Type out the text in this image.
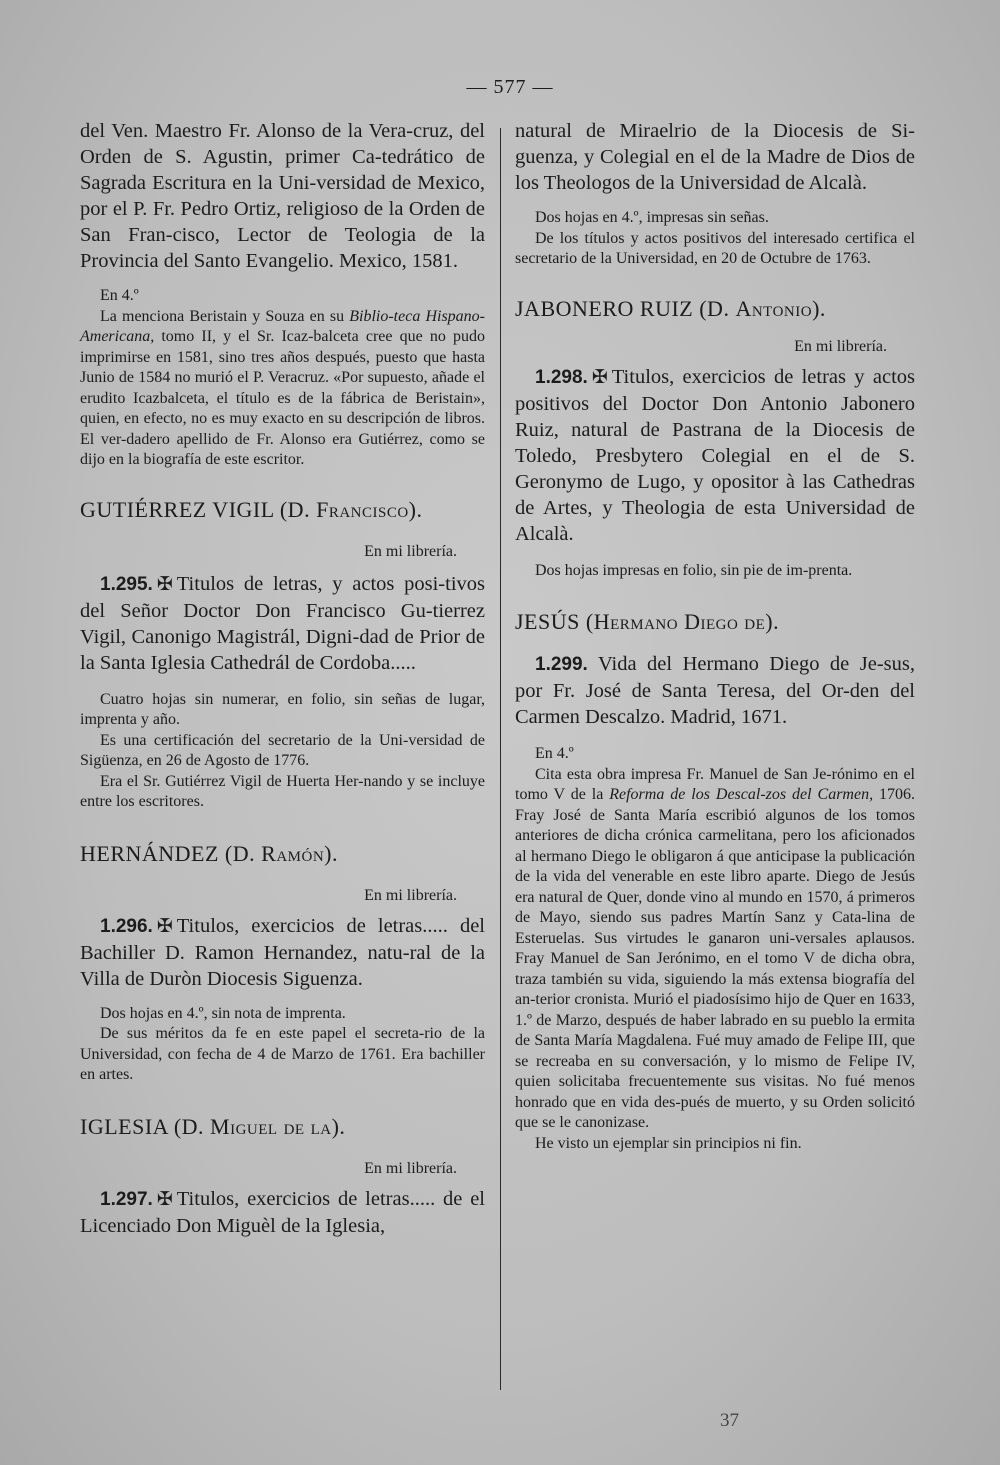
— 577 —

del Ven. Maestro Fr. Alonso de la Vera-cruz, del Orden de S. Agustin, primer Ca-tedrático de Sagrada Escritura en la Uni-versidad de Mexico, por el P. Fr. Pedro Ortiz, religioso de la Orden de San Fran-cisco, Lector de Teologia de la Provincia del Santo Evangelio. Mexico, 1581.

En 4.º

La menciona Beristain y Souza en su Biblio-teca Hispano-Americana, tomo II, y el Sr. Icaz-balceta cree que no pudo imprimirse en 1581, sino tres años después, puesto que hasta Junio de 1584 no murió el P. Veracruz. «Por supuesto, añade el erudito Icazbalceta, el título es de la fábrica de Beristain», quien, en efecto, no es muy exacto en su descripción de libros. El ver-dadero apellido de Fr. Alonso era Gutiérrez, como se dijo en la biografía de este escritor.

GUTIÉRREZ VIGIL (D. Francisco).

En mi librería.

1.295. ✠ Titulos de letras, y actos posi-tivos del Señor Doctor Don Francisco Gu-tierrez Vigil, Canonigo Magistrál, Digni-dad de Prior de la Santa Iglesia Cathedrál de Cordoba.....

Cuatro hojas sin numerar, en folio, sin señas de lugar, imprenta y año.

Es una certificación del secretario de la Uni-versidad de Sigüenza, en 26 de Agosto de 1776.

Era el Sr. Gutiérrez Vigil de Huerta Her-nando y se incluye entre los escritores.

HERNÁNDEZ (D. Ramón).

En mi librería.

1.296. ✠ Titulos, exercicios de letras..... del Bachiller D. Ramon Hernandez, natu-ral de la Villa de Duròn Diocesis Siguenza.

Dos hojas en 4.º, sin nota de imprenta.

De sus méritos da fe en este papel el secreta-rio de la Universidad, con fecha de 4 de Marzo de 1761. Era bachiller en artes.

IGLESIA (D. Miguel de la).

En mi librería.

1.297. ✠ Titulos, exercicios de letras..... de el Licenciado Don Miguèl de la Iglesia,

natural de Miraelrio de la Diocesis de Si-guenza, y Colegial en el de la Madre de Dios de los Theologos de la Universidad de Alcalà.

Dos hojas en 4.º, impresas sin señas.

De los títulos y actos positivos del interesado certifica el secretario de la Universidad, en 20 de Octubre de 1763.

JABONERO RUIZ (D. Antonio).

En mi librería.

1.298. ✠ Titulos, exercicios de letras y actos positivos del Doctor Don Antonio Jabonero Ruiz, natural de Pastrana de la Diocesis de Toledo, Presbytero Colegial en el de S. Geronymo de Lugo, y opositor à las Cathedras de Artes, y Theologia de esta Universidad de Alcalà.

Dos hojas impresas en folio, sin pie de im-prenta.

JESÚS (Hermano Diego de).

1.299. Vida del Hermano Diego de Je-sus, por Fr. José de Santa Teresa, del Or-den del Carmen Descalzo. Madrid, 1671.

En 4.º

Cita esta obra impresa Fr. Manuel de San Je-rónimo en el tomo V de la Reforma de los Descal-zos del Carmen, 1706. Fray José de Santa María escribió algunos de los tomos anteriores de dicha crónica carmelitana, pero los aficionados al hermano Diego le obligaron á que anticipase la publicación de la vida del venerable en este libro aparte. Diego de Jesús era natural de Quer, donde vino al mundo en 1570, á primeros de Mayo, siendo sus padres Martín Sanz y Cata-lina de Esteruelas. Sus virtudes le ganaron uni-versales aplausos. Fray Manuel de San Jerónimo, en el tomo V de dicha obra, traza también su vida, siguiendo la más extensa biografía del an-terior cronista. Murió el piadosísimo hijo de Quer en 1633, 1.º de Marzo, después de haber labrado en su pueblo la ermita de Santa María Magdalena. Fué muy amado de Felipe III, que se recreaba en su conversación, y lo mismo de Felipe IV, quien solicitaba frecuentemente sus visitas. No fué menos honrado que en vida des-pués de muerto, y su Orden solicitó que se le canonizase.

He visto un ejemplar sin principios ni fin.

37
